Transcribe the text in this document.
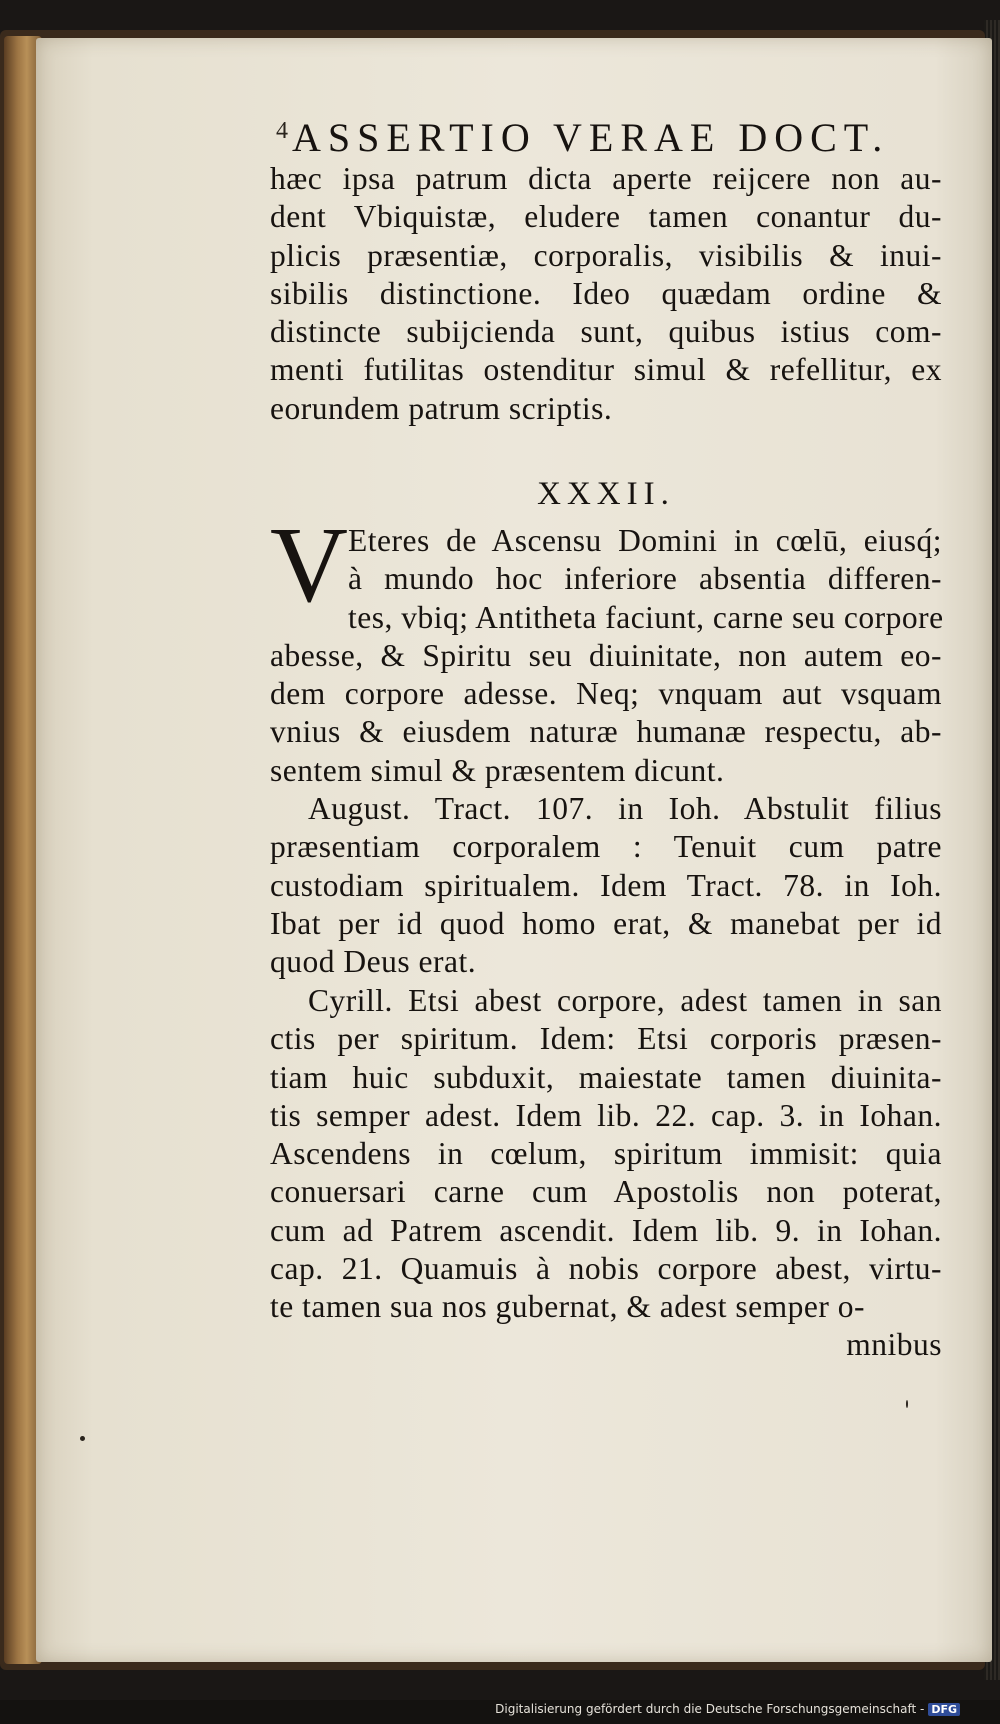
4 ASSERTIO VERAE DOCT.
hæc ipsa patrum dicta aperte reijcere non au-
dent Vbiquistæ, eludere tamen conantur du-
plicis præsentiæ, corporalis, visibilis & inui-
sibilis distinctione. Ideo quædam ordine &
distincte subijcienda sunt, quibus istius com-
menti futilitas ostenditur simul & refellitur, ex
eorundem patrum scriptis.
XXXII.
V Eteres de Ascensu Domini in cœlū, eiusq́;
à mundo hoc inferiore absentia differen-
tes, vbiq; Antitheta faciunt, carne seu corpore
abesse, & Spiritu seu diuinitate, non autem eo-
dem corpore adesse. Neq; vnquam aut vsquam
vnius & eiusdem naturæ humanæ respectu, ab-
sentem simul & præsentem dicunt.
August. Tract. 107. in Ioh. Abstulit filius
præsentiam corporalem : Tenuit cum patre
custodiam spiritualem. Idem Tract. 78. in Ioh.
Ibat per id quod homo erat, & manebat per id
quod Deus erat.
Cyrill. Etsi abest corpore, adest tamen in san
ctis per spiritum. Idem: Etsi corporis præsen-
tiam huic subduxit, maiestate tamen diuinita-
tis semper adest. Idem lib. 22. cap. 3. in Iohan.
Ascendens in cœlum, spiritum immisit: quia
conuersari carne cum Apostolis non poterat,
cum ad Patrem ascendit. Idem lib. 9. in Iohan.
cap. 21. Quamuis à nobis corpore abest, virtu-
te tamen sua nos gubernat, & adest semper o-
mnibus
Digitalisierung gefördert durch die Deutsche Forschungsgemeinschaft - DFG
